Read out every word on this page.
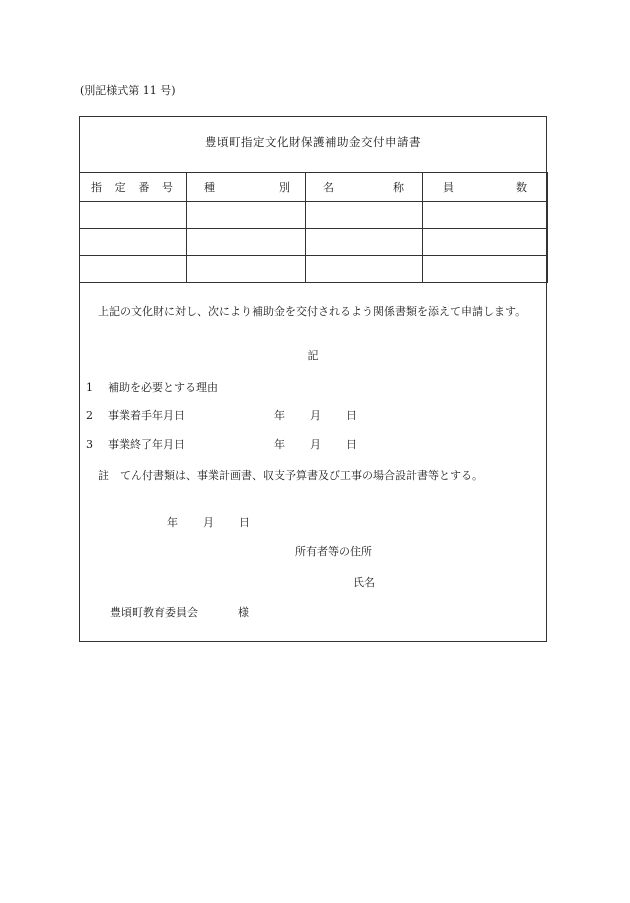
(別記様式第 11 号)
豊頃町指定文化財保護補助金交付申請書
指 定 番 号	種 別	名 称	員 数

上記の文化財に対し、次により補助金を交付されるよう関係書類を添えて申請します。
記
1 補助を必要とする理由
2 事業着手年月日	年 月 日
3 事業終了年月日	年 月 日
註　てん付書類は、事業計画書、収支予算書及び工事の場合設計書等とする。
年 月 日
所有者等の住所
氏名
豊頃町教育委員会	様
